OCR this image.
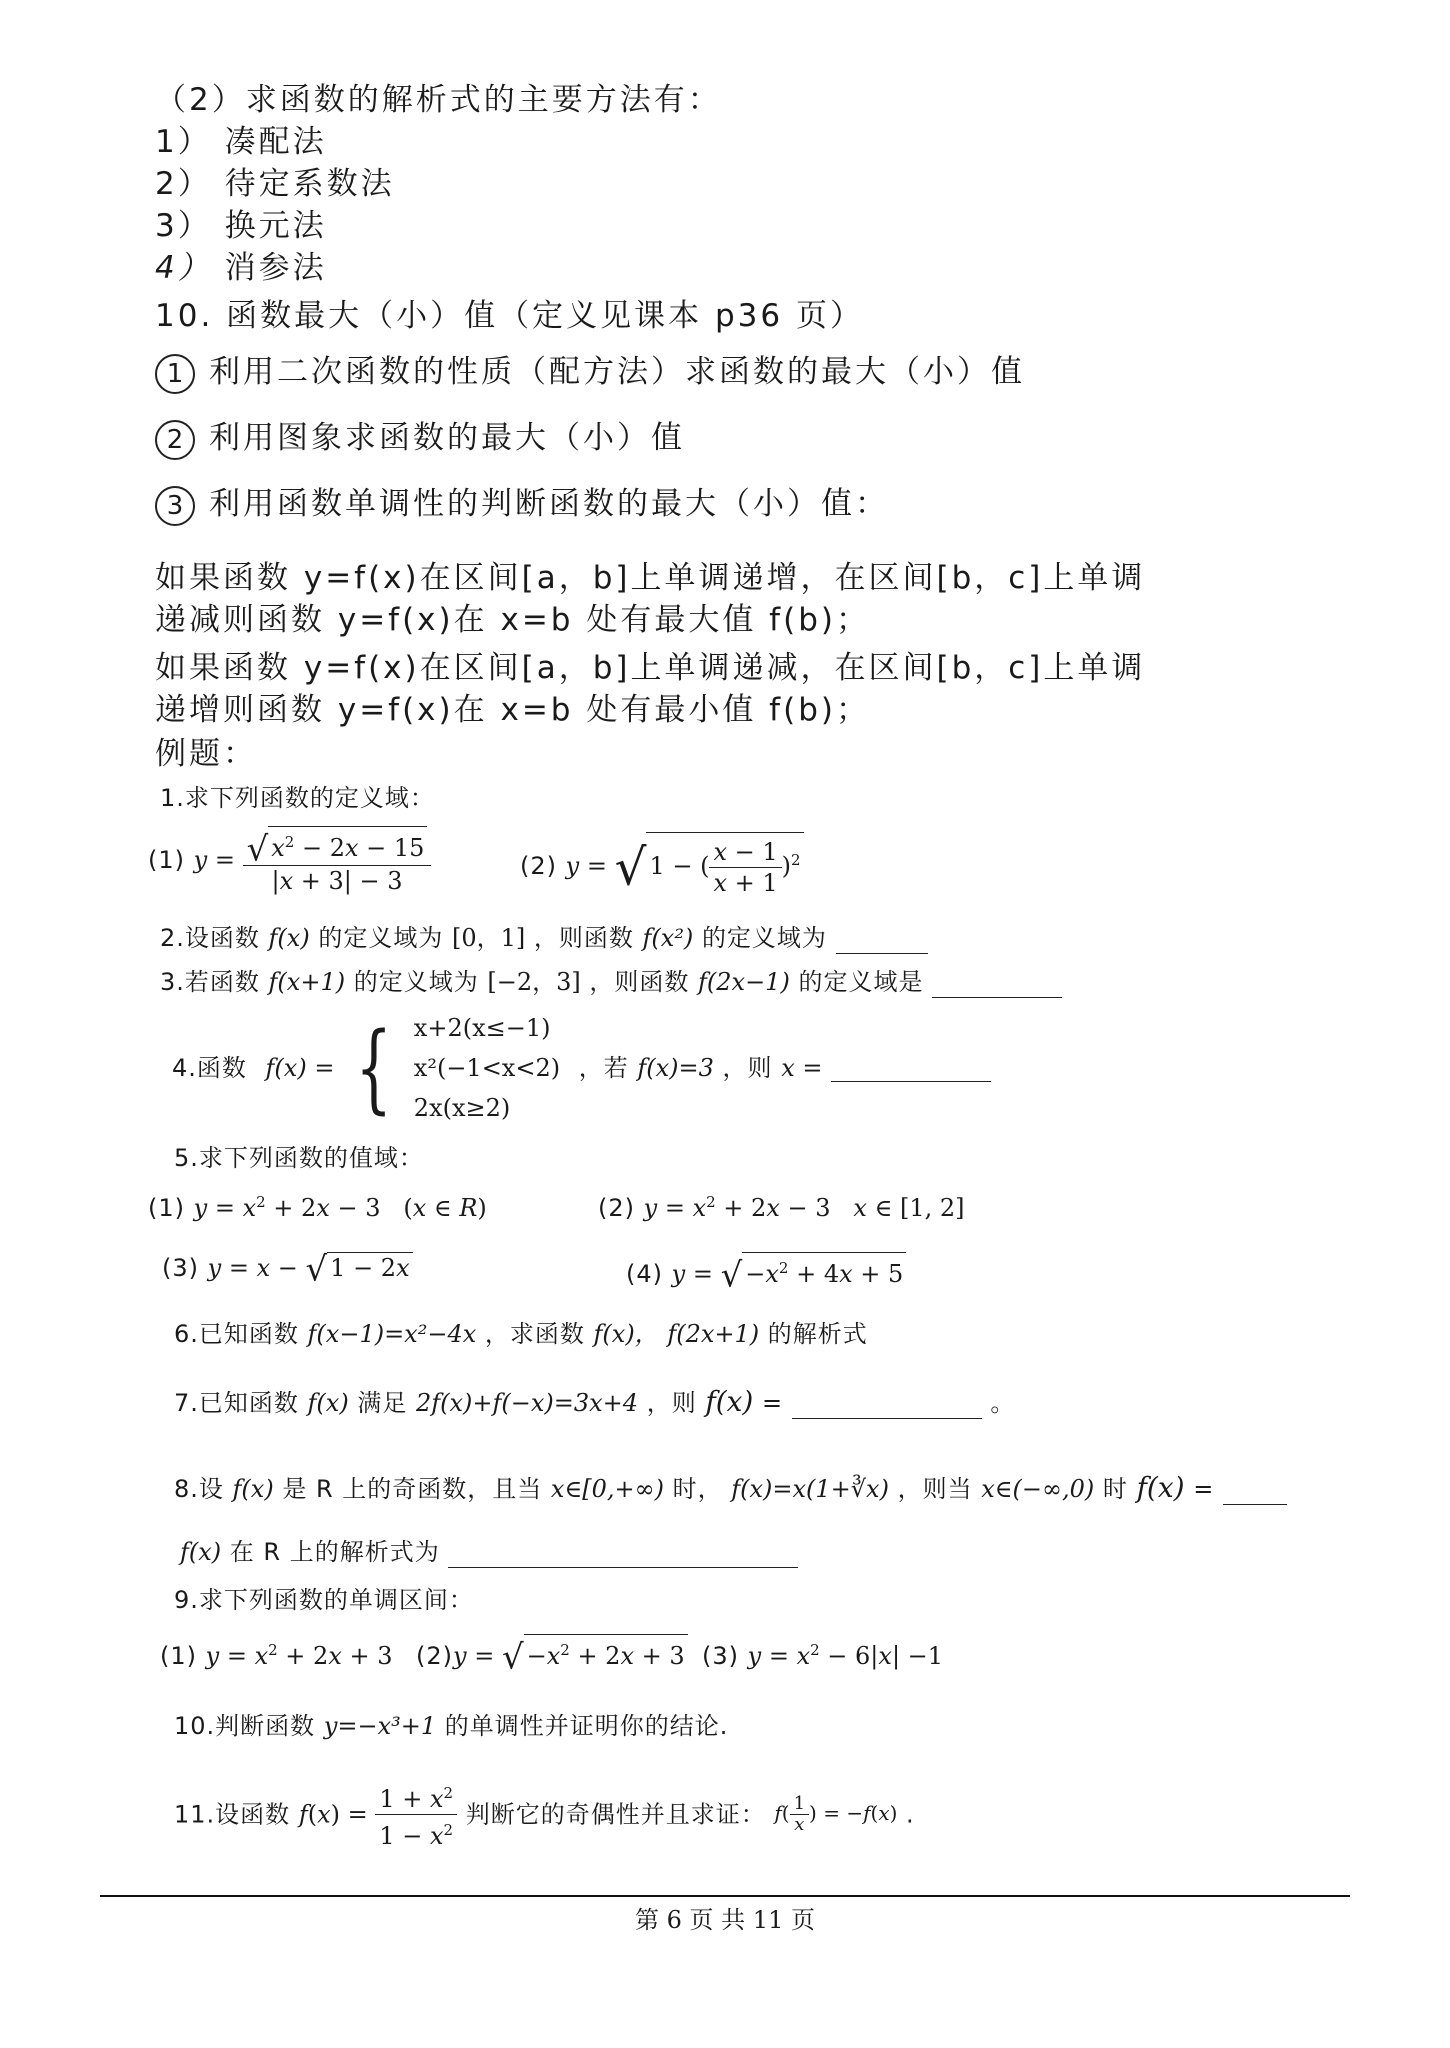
（2）求函数的解析式的主要方法有：
1） 凑配法
2） 待定系数法
3） 换元法
4） 消参法
10. 函数最大（小）值（定义见课本 p36 页）
1 利用二次函数的性质（配方法）求函数的最大（小）值
2 利用图象求函数的最大（小）值
3 利用函数单调性的判断函数的最大（小）值：
如果函数 y=f(x)在区间[a，b]上单调递增，在区间[b，c]上单调
递减则函数 y=f(x)在 x=b 处有最大值 f(b)；
如果函数 y=f(x)在区间[a，b]上单调递减，在区间[b，c]上单调
递增则函数 y=f(x)在 x=b 处有最小值 f(b)；
例题：
1.求下列函数的定义域：
(1) $y = \frac{√ x^2 - 2x - 15}{|x + 3| - 3}$	(2) y = √ 1 − ( $\frac{x - 1}{x + 1} )^2$
2.设函数 f(x) 的定义域为 [0，1] ，则函数 f(x²) 的定义域为
3.若函数 f(x+1) 的定义域为 [−2，3] ，则函数 f(2x−1) 的定义域是
4.函数 f(x) = { x+2(x≤−1)
x²(−1<x<2)
2x(x≥2)
，若 f(x)=3 ，则 x =
5.求下列函数的值域：
(1) $y = x^2 + 2x - 3$   (x ∈ R)	(2) $y = x^2 + 2x - 3$   x ∈ [1, 2]
(3) y = x − √ 1 − 2x	(4) y = √ $-x^2 + 4x + 5$
6.已知函数 f(x−1)=x²−4x ，求函数 f(x)， f(2x+1) 的解析式
7.已知函数 f(x) 满足 2f(x)+f(−x)=3x+4 ，则 f(x) =	。
8.设 f(x) 是 R 上的奇函数，且当 x∈[0,+∞) 时， f(x)=x(1+∛x) ，则当 x∈(−∞,0) 时 f(x) =
f(x) 在 R 上的解析式为
9.求下列函数的单调区间：
(1) $y = x^2 + 2x + 3$ (2)y = √ $-x^2 + 2x + 3$ (3) $y = x^2 - 6|x| -1$
10.判断函数 y=−x³+1 的单调性并证明你的结论.
11.设函数 $f(x) = \frac{1 + x^2}{1 - x^2}$ 判断它的奇偶性并且求证： $f( \frac{1}{x}$ ) = −f(x) .
第 6 页 共 11 页
